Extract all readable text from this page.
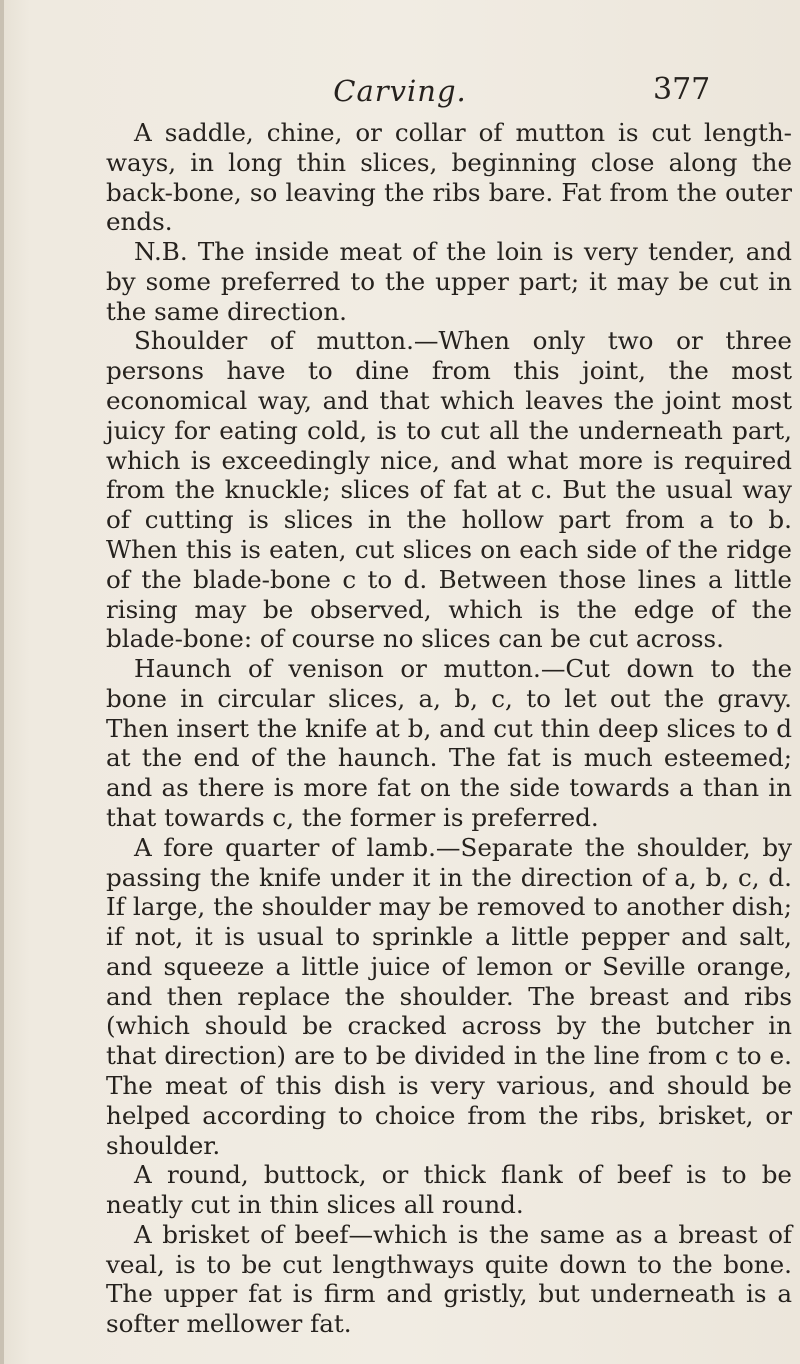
Carving.	377

A saddle, chine, or collar of mutton is cut length-ways, in long thin slices, beginning close along the back-bone, so leaving the ribs bare. Fat from the outer ends.

N.B. The inside meat of the loin is very tender, and by some preferred to the upper part; it may be cut in the same direction.

Shoulder of mutton.—When only two or three persons have to dine from this joint, the most economical way, and that which leaves the joint most juicy for eating cold, is to cut all the underneath part, which is exceedingly nice, and what more is required from the knuckle; slices of fat at c. But the usual way of cutting is slices in the hollow part from a to b. When this is eaten, cut slices on each side of the ridge of the blade-bone c to d. Between those lines a little rising may be observed, which is the edge of the blade-bone: of course no slices can be cut across.

Haunch of venison or mutton.—Cut down to the bone in circular slices, a, b, c, to let out the gravy. Then insert the knife at b, and cut thin deep slices to d at the end of the haunch. The fat is much esteemed; and as there is more fat on the side towards a than in that towards c, the former is preferred.

A fore quarter of lamb.—Separate the shoulder, by passing the knife under it in the direction of a, b, c, d. If large, the shoulder may be removed to another dish; if not, it is usual to sprinkle a little pepper and salt, and squeeze a little juice of lemon or Seville orange, and then replace the shoulder. The breast and ribs (which should be cracked across by the butcher in that direction) are to be divided in the line from c to e. The meat of this dish is very various, and should be helped according to choice from the ribs, brisket, or shoulder.

A round, buttock, or thick flank of beef is to be neatly cut in thin slices all round.

A brisket of beef—which is the same as a breast of veal, is to be cut lengthways quite down to the bone. The upper fat is firm and gristly, but underneath is a softer mellower fat.
